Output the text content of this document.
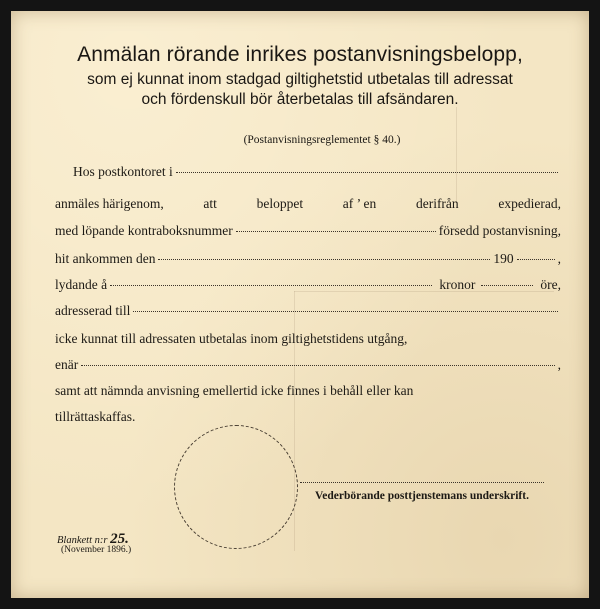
Anmälan rörande inrikes postanvisningsbelopp,
som ej kunnat inom stadgad giltighetstid utbetalas till adressat
och fördenskull bör återbetalas till afsändaren.
(Postanvisningsreglementet § 40.)
Hos postkontoret i
anmäles härigenom,	att	beloppet	af ’ en	derifrån	expedierad,
med löpande kontraboksnummer	försedd postanvisning,
hit ankommen den	190	,
lydande å	kronor	öre,
adresserad till
icke kunnat till adressaten utbetalas inom giltighetstidens utgång,
enär	,
samt att nämnda anvisning emellertid icke finnes i behåll eller kan
tillrättaskaffas.
Vederbörande posttjenstemans underskrift.
Blankett n:r 25.
(November 1896.)
